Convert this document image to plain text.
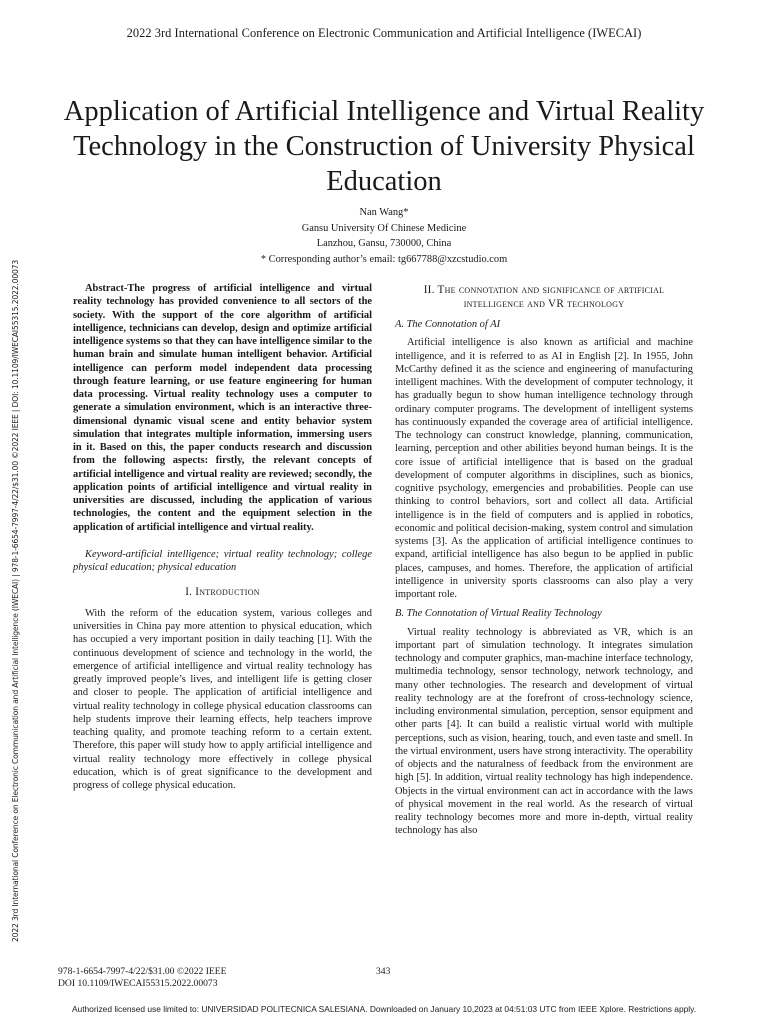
2022 3rd International Conference on Electronic Communication and Artificial Intelligence (IWECAI)
Application of Artificial Intelligence and Virtual Reality Technology in the Construction of University Physical Education
Nan Wang*
Gansu University Of Chinese Medicine
Lanzhou, Gansu, 730000, China
* Corresponding author’s email: tg667788@xzcstudio.com
2022 3rd International Conference on Electronic Communication and Artificial Intelligence (IWECAI) | 978-1-6654-7997-4/22/$31.00 ©2022 IEEE | DOI: 10.1109/IWECAI55315.2022.00073	Abstract-The progress of artificial intelligence and virtual reality technology has provided convenience to all sectors of the society. With the support of the core algorithm of artificial intelligence, technicians can develop, design and optimize artificial intelligence systems so that they can have intelligence similar to the human brain and simulate human intelligent behavior. Artificial intelligence can perform model independent data processing through feature learning, or use feature engineering for human data processing. Virtual reality technology uses a computer to generate a simulation environment, which is an interactive three-dimensional dynamic visual scene and entity behavior system simulation that integrates multiple information, immersing users in it. Based on this, the paper conducts research and discussion from the following aspects: firstly, the relevant concepts of artificial intelligence and virtual reality are reviewed; secondly, the application points of artificial intelligence and virtual reality in universities are discussed, including the application of various technologies, the content and the equipment selection in the application of artificial intelligence and virtual reality.

Keyword-artificial intelligence; virtual reality technology; college physical education; physical education

I. Introduction

With the reform of the education system, various colleges and universities in China pay more attention to physical education, which has occupied a very important position in daily teaching [1]. With the continuous development of science and technology in the world, the emergence of artificial intelligence and virtual reality technology has greatly improved people’s lives, and intelligent life is getting closer and closer to people. The application of artificial intelligence and virtual reality technology in college physical education classrooms can help students improve their learning effects, help teachers improve teaching quality, and promote teaching reform to a certain extent. Therefore, this paper will study how to apply artificial intelligence and virtual reality technology more effectively in college physical education, which is of great significance to the development and progress of college physical education.

II. The connotation and significance of artificial intelligence and VR technology
A. The Connotation of AI

Artificial intelligence is also known as artificial and machine intelligence, and it is referred to as AI in English [2]. In 1955, John McCarthy defined it as the science and engineering of manufacturing intelligent machines. With the development of computer technology, it has gradually begun to show human intelligence technology through ordinary computer programs. The development of intelligent systems has continuously expanded the coverage area of artificial intelligence. The technology can construct knowledge, planning, communication, learning, perception and other abilities beyond human beings. It is the core issue of artificial intelligence that is based on the gradual development of computer algorithms in disciplines, such as bionics, cognitive psychology, emergencies and probabilities. People can use thinking to control behaviors, sort and collect all data. Artificial intelligence is in the field of computers and is applied in robotics, economic and political decision-making, system control and simulation systems [3]. As the application of artificial intelligence continues to expand, artificial intelligence has also begun to be applied in public places, campuses, and homes. Therefore, the application of artificial intelligence in university sports classrooms can also play a very important role.

B. The Connotation of Virtual Reality Technology

Virtual reality technology is abbreviated as VR, which is an important part of simulation technology. It integrates simulation technology and computer graphics, man-machine interface technology, multimedia technology, sensor technology, network technology, and many other technologies. The research and development of virtual reality technology are at the forefront of cross-technology science, including environmental simulation, perception, sensor equipment and other parts [4]. It can build a realistic virtual world with multiple perceptions, such as vision, hearing, touch, and even taste and smell. In the virtual environment, users have strong interactivity. The operability of objects and the naturalness of feedback from the environment are high [5]. In addition, virtual reality technology has high independence. Objects in the virtual environment can act in accordance with the laws of physical movement in the real world. As the research of virtual reality technology becomes more and more in-depth, virtual reality technology has also

978-1-6654-7997-4/22/$31.00 ©2022 IEEE
DOI 10.1109/IWECAI55315.2022.00073
343
Authorized licensed use limited to: UNIVERSIDAD POLITECNICA SALESIANA. Downloaded on January 10,2023 at 04:51:03 UTC from IEEE Xplore. Restrictions apply.
